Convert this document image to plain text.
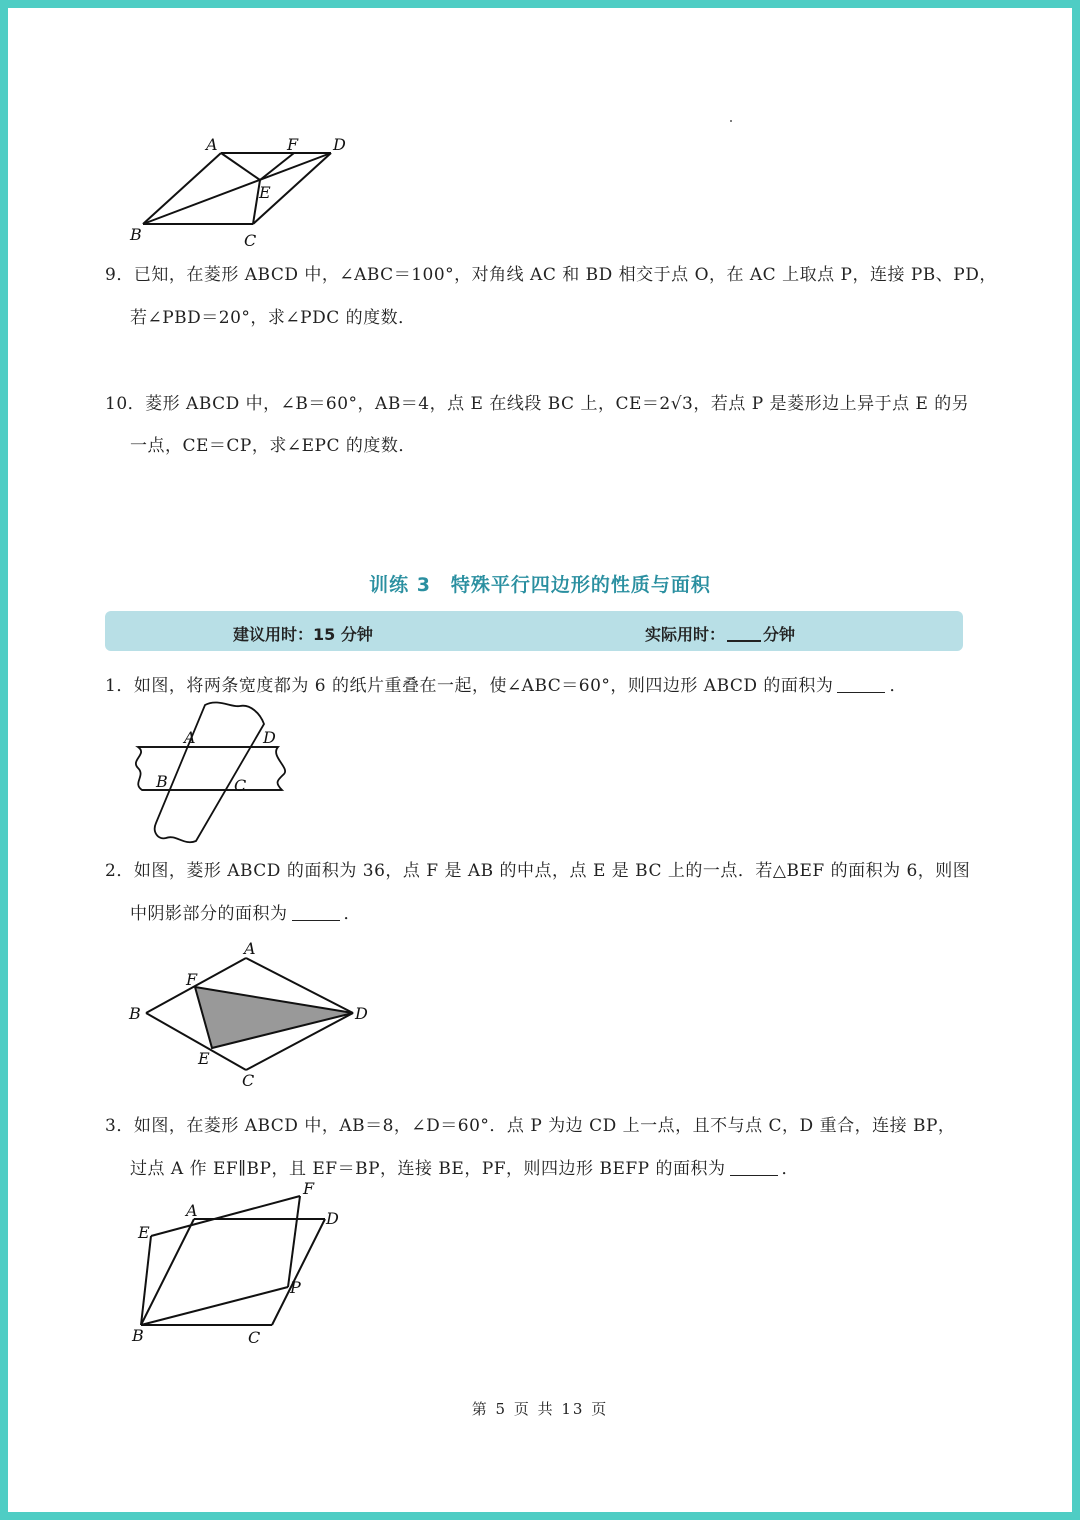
A	F D
E
B	C
9．已知，在菱形 ABCD 中，∠ABC＝100°，对角线 AC 和 BD 相交于点 O，在 AC 上取点 P，连接 PB、PD，
若∠PBD＝20°，求∠PDC 的度数．
10．菱形 ABCD 中，∠B＝60°，AB＝4，点 E 在线段 BC 上，CE＝2√3，若点 P 是菱形边上异于点 E 的另
一点，CE＝CP，求∠EPC 的度数．
训练 3　特殊平行四边形的性质与面积
建议用时：15 分钟	实际用时： 分钟
1．如图，将两条宽度都为 6 的纸片重叠在一起，使∠ABC＝60°，则四边形 ABCD 的面积为	．
A	D
B	C
2．如图，菱形 ABCD 的面积为 36，点 F 是 AB 的中点，点 E 是 BC 上的一点．若△BEF 的面积为 6，则图
中阴影部分的面积为	．
A
F
B	D
E
C
3．如图，在菱形 ABCD 中，AB＝8，∠D＝60°．点 P 为边 CD 上一点，且不与点 C，D 重合，连接 BP，
过点 A 作 EF∥BP，且 EF＝BP，连接 BE，PF，则四边形 BEFP 的面积为	．
F
A	D
E
P
B	C
第 5 页 共 13 页
